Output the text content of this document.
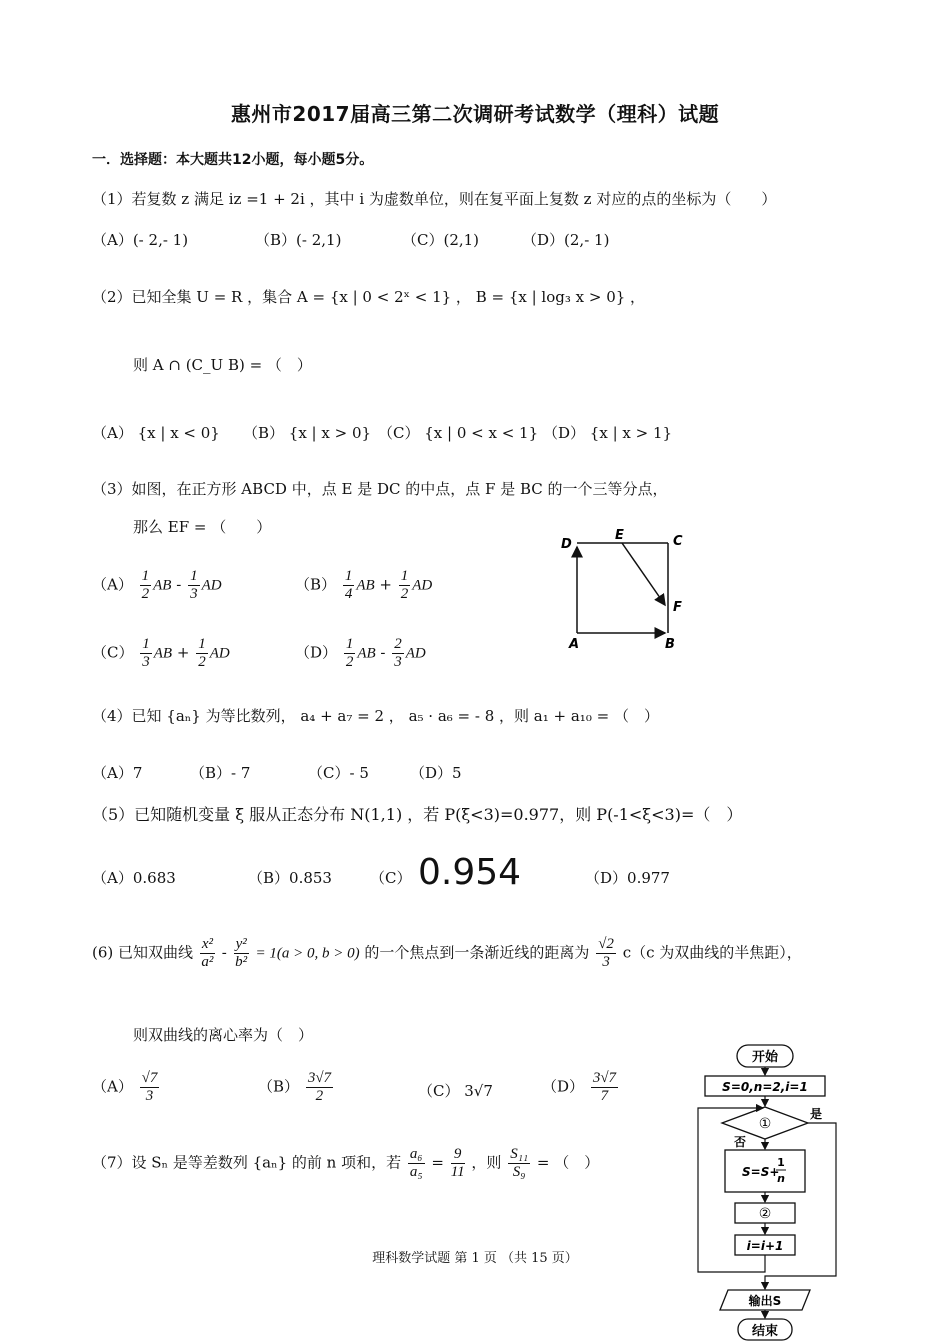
惠州市2017届高三第二次调研考试数学（理科）试题
一．选择题：本大题共12小题，每小题5分。
（1）若复数 z 满足 iz =1 + 2i ，其中 i 为虚数单位，则在复平面上复数 z 对应的点的坐标为（　　）
（A）(- 2,- 1)	（B）(- 2,1)	（C）(2,1)	（D）(2,- 1)
（2）已知全集 U = R ，集合 A = {x | 0 < 2ˣ < 1} ， B = {x | log₃ x > 0} ，
则 A ∩ (C_U B) = （　）
（A） {x | x < 0} （B） {x | x > 0} （C） {x | 0 < x < 1} （D） {x | x > 1}
（3）如图，在正方形 ABCD 中，点 E 是 DC 的中点，点 F 是 BC 的一个三等分点，
那么 EF = （　　）
$(A) \frac{1}{2}$ AB - $\frac{1}{3}$ AD	$(B) \frac{1}{4}$ AB + $\frac{1}{2}$ AD
$(C) \frac{1}{3}$ AB + $\frac{1}{2}$ AD	$(D) \frac{1}{2}$ AB - $\frac{2}{3}$ AD
D
E	C
F
A	B
（4）已知 {aₙ} 为等比数列， a₄ + a₇ = 2 ， a₅ · a₆ = - 8 ，则 a₁ + a₁₀ = （　）
（A）7	（B）- 7	（C）- 5	（D）5
（5）已知随机变量 ξ 服从正态分布 N(1,1) ，若 P(ξ<3)=0.977，则 P(-1<ξ<3)=（　）
（A）0.683	（B）0.853	（C） 0.954	（D）0.977
(6) 已知双曲线 $\frac{\text{x²}}{\text{a²}} - \frac{\text{y²}}{\text{b²}} = 1(a > 0$, b > 0) 的一个焦点到一条渐近线的距离为 $\frac{√2}{3} c(c$ 为双曲线的半焦距），
则双曲线的离心率为（　）
$(A) \frac{√7}{3}$	$(B) \frac{3√7}{2}$	（C） 3√7	$(D) \frac{3√7}{7}$
（7）设 Sₙ 是等差数列 {aₙ} 的前 n 项和，若 $\frac{\text{a₆}}{\text{a₅}} = \frac{9}{11}$ ，则 $\frac{\text{S₁₁}}{\text{S₉}}$ = （　）
开始
S=0,n=2,i=1
①
是
否
S=S+
1
n
②
i=i+1
输出S
结束
理科数学试题 第 1 页 （共 15 页）
